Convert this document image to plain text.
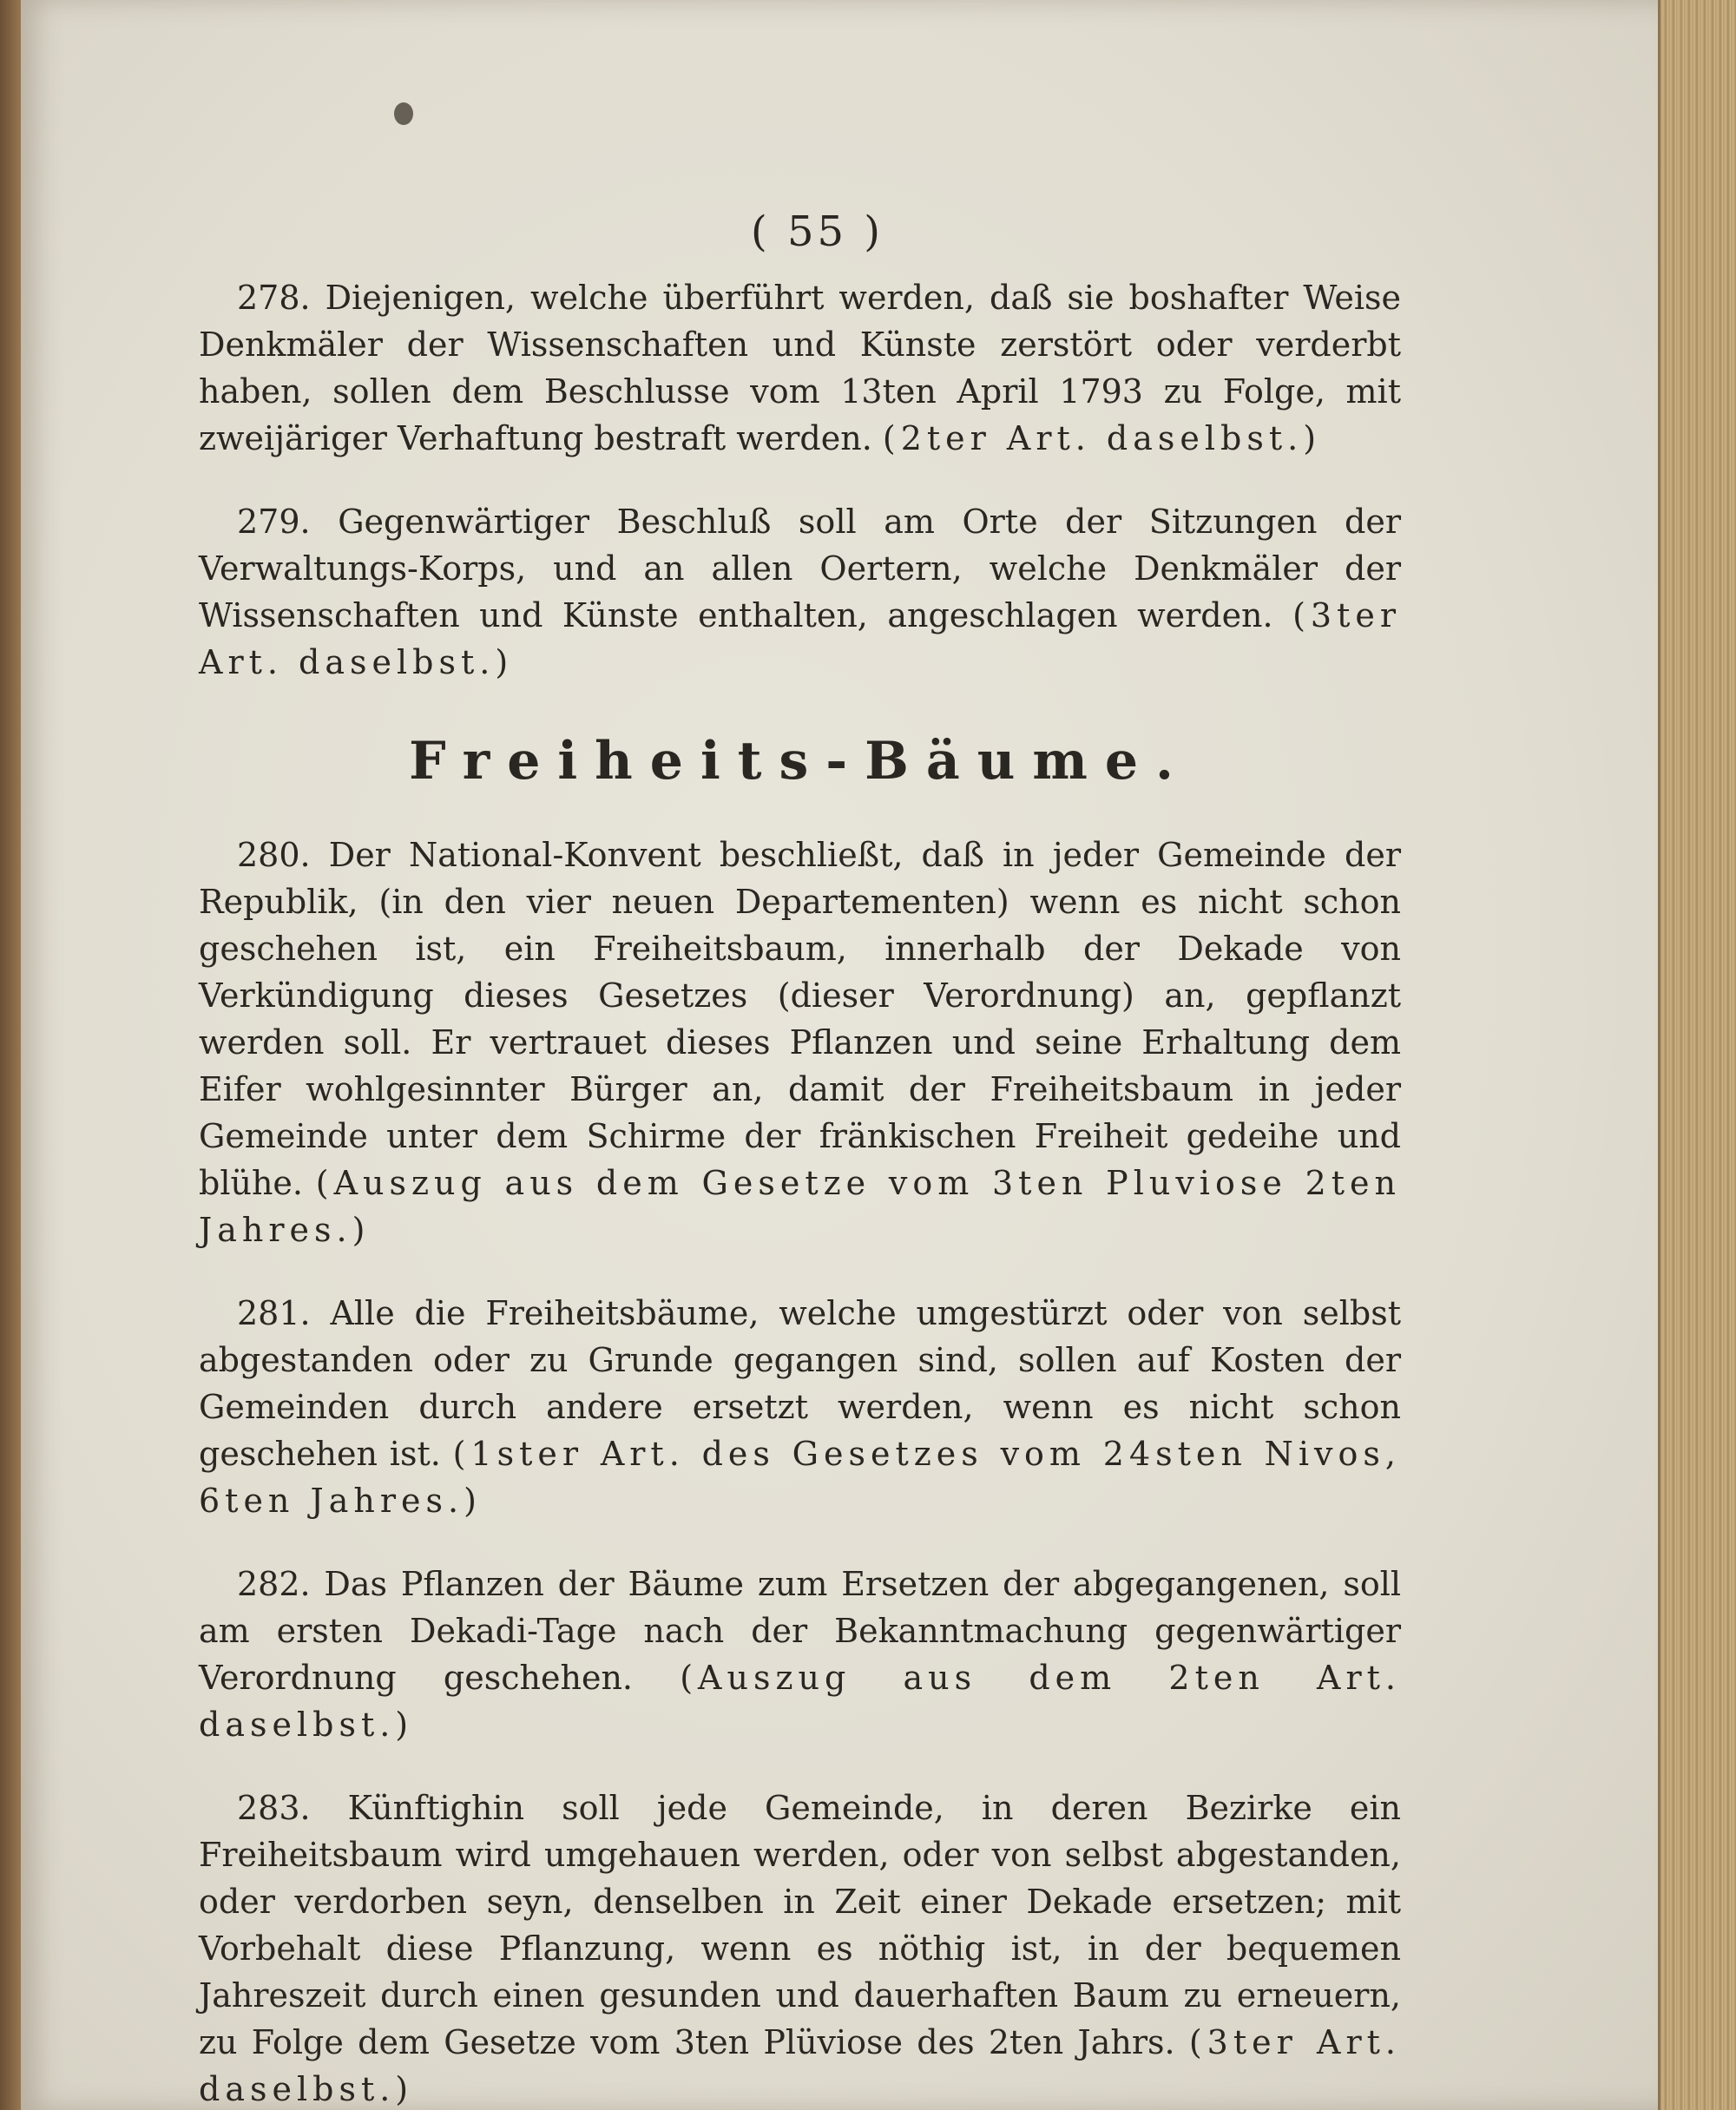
( 55 )

278. Diejenigen, welche überführt werden, daß sie boshafter Weise Denkmäler der Wissenschaften und Künste zerstört oder verderbt haben, sollen dem Beschlusse vom 13ten April 1793 zu Folge, mit zweijäriger Verhaftung bestraft werden. (2ter Art. daselbst.)

279. Gegenwärtiger Beschluß soll am Orte der Sitzungen der Verwaltungs-Korps, und an allen Oertern, welche Denkmäler der Wissenschaften und Künste enthalten, angeschlagen werden. (3ter Art. daselbst.)

Freiheits-Bäume.

280. Der National-Konvent beschließt, daß in jeder Gemeinde der Republik, (in den vier neuen Departementen) wenn es nicht schon geschehen ist, ein Freiheitsbaum, innerhalb der Dekade von Verkündigung dieses Gesetzes (dieser Verordnung) an, gepflanzt werden soll. Er vertrauet dieses Pflanzen und seine Erhaltung dem Eifer wohlgesinnter Bürger an, damit der Freiheitsbaum in jeder Gemeinde unter dem Schirme der fränkischen Freiheit gedeihe und blühe. (Auszug aus dem Gesetze vom 3ten Pluviose 2ten Jahres.)

281. Alle die Freiheitsbäume, welche umgestürzt oder von selbst abgestanden oder zu Grunde gegangen sind, sollen auf Kosten der Gemeinden durch andere ersetzt werden, wenn es nicht schon geschehen ist. (1ster Art. des Gesetzes vom 24sten Nivos, 6ten Jahres.)

282. Das Pflanzen der Bäume zum Ersetzen der abgegangenen, soll am ersten Dekadi-Tage nach der Bekanntmachung gegenwärtiger Verordnung geschehen. (Auszug aus dem 2ten Art. daselbst.)

283. Künftighin soll jede Gemeinde, in deren Bezirke ein Freiheitsbaum wird umgehauen werden, oder von selbst abgestanden, oder verdorben seyn, denselben in Zeit einer Dekade ersetzen; mit Vorbehalt diese Pflanzung, wenn es nöthig ist, in der bequemen Jahreszeit durch einen gesunden und dauerhaften Baum zu erneuern, zu Folge dem Gesetze vom 3ten Plüviose des 2ten Jahrs. (3ter Art. daselbst.)
